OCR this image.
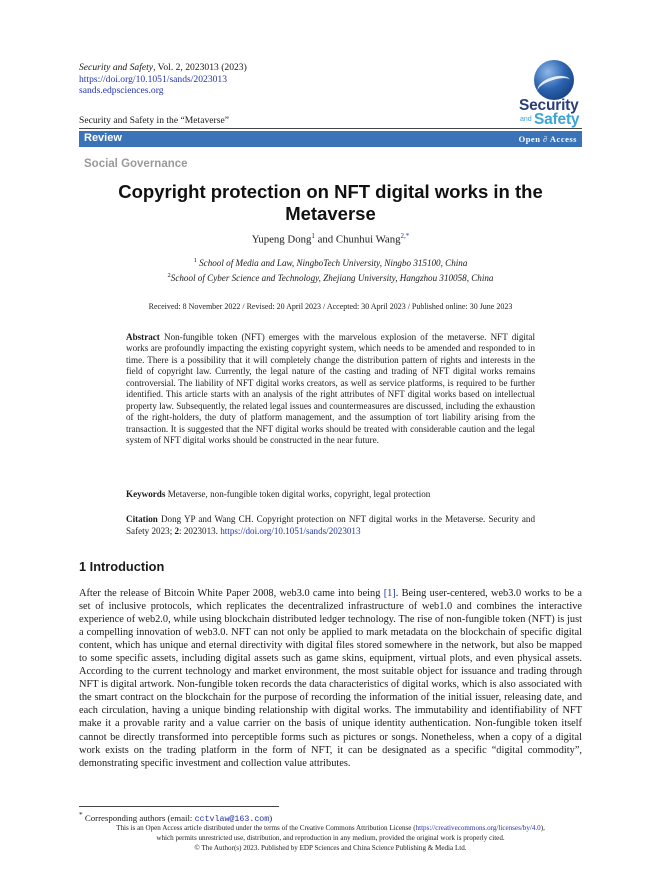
Security and Safety, Vol. 2, 2023013 (2023)
https://doi.org/10.1051/sands/2023013
sands.edpsciences.org
Security
and Safety
Security and Safety in the “Metaverse”
Review	Open ∂ Access
Social Governance
Copyright protection on NFT digital works in the Metaverse
Yupeng Dong$^1$ and Chunhui Wang$^{2,*}$
$^1$ School of Media and Law, NingboTech University, Ningbo 315100, China
$^2$School of Cyber Science and Technology, Zhejiang University, Hangzhou 310058, China
Received: 8 November 2022 / Revised: 20 April 2023 / Accepted: 30 April 2023 / Published online: 30 June 2023
Abstract Non-fungible token (NFT) emerges with the marvelous explosion of the metaverse. NFT digital works are profoundly impacting the existing copyright system, which needs to be amended and responded to in time. There is a possibility that it will completely change the distribution pattern of rights and interests in the field of copyright law. Currently, the legal nature of the casting and trading of NFT digital works remains controversial. The liability of NFT digital works creators, as well as service platforms, is required to be further identified. This article starts with an analysis of the right attributes of NFT digital works based on intellectual property law. Subsequently, the related legal issues and countermeasures are discussed, including the exhaustion of the right-holders, the duty of platform management, and the assumption of tort liability arising from the transaction. It is suggested that the NFT digital works should be treated with considerable caution and the legal system of NFT digital works should be constructed in the near future.
Keywords Metaverse, non-fungible token digital works, copyright, legal protection
Citation Dong YP and Wang CH. Copyright protection on NFT digital works in the Metaverse. Security and Safety 2023; 2: 2023013. https://doi.org/10.1051/sands/2023013
1 Introduction
After the release of Bitcoin White Paper 2008, web3.0 came into being [1]. Being user-centered, web3.0 works to be a set of inclusive protocols, which replicates the decentralized infrastructure of web1.0 and combines the interactive experience of web2.0, while using blockchain distributed ledger technology. The rise of non-fungible token (NFT) is just a compelling innovation of web3.0. NFT can not only be applied to mark metadata on the blockchain of specific digital content, which has unique and eternal directivity with digital files stored somewhere in the network, but also be mapped to some specific assets, including digital assets such as game skins, equipment, virtual plots, and even physical assets. According to the current technology and market environment, the most suitable object for issuance and trading through NFT is digital artwork. Non-fungible token records the data characteristics of digital works, which is also associated with the smart contract on the blockchain for the purpose of recording the information of the initial issuer, releasing date, and each circulation, having a unique binding relationship with digital works. The immutability and identifiability of NFT make it a provable rarity and a value carrier on the basis of unique identity authentication. Non-fungible token itself cannot be directly transformed into perceptible forms such as pictures or songs. Nonetheless, when a copy of a digital work exists on the trading platform in the form of NFT, it can be designated as a specific “digital commodity”, demonstrating specific investment and collection value attributes.
* Corresponding authors (email: cctvlaw@163.com)
This is an Open Access article distributed under the terms of the Creative Commons Attribution License (https://creativecommons.org/licenses/by/4.0),
which permits unrestricted use, distribution, and reproduction in any medium, provided the original work is properly cited.
© The Author(s) 2023. Published by EDP Sciences and China Science Publishing & Media Ltd.
